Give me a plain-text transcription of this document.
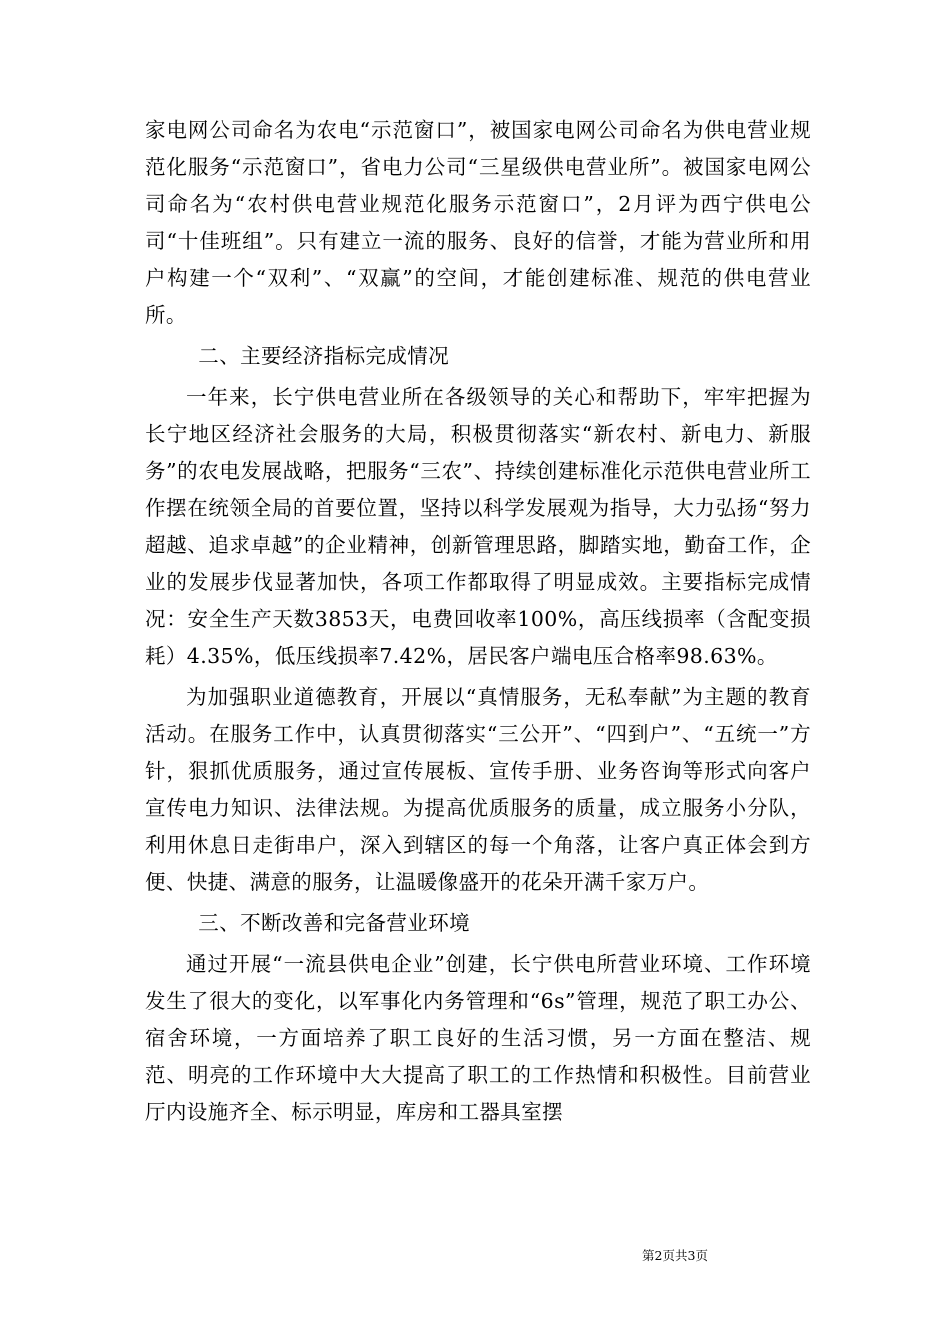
家电网公司命名为农电“示范窗口”，被国家电网公司命名为供电营业规范化服务“示范窗口”，省电力公司“三星级供电营业所”。被国家电网公司命名为“农村供电营业规范化服务示范窗口”，2月评为西宁供电公司“十佳班组”。只有建立一流的服务、良好的信誉，才能为营业所和用户构建一个“双利”、“双赢”的空间，才能创建标准、规范的供电营业所。

二、主要经济指标完成情况

一年来，长宁供电营业所在各级领导的关心和帮助下，牢牢把握为长宁地区经济社会服务的大局，积极贯彻落实“新农村、新电力、新服务”的农电发展战略，把服务“三农”、持续创建标准化示范供电营业所工作摆在统领全局的首要位置，坚持以科学发展观为指导，大力弘扬“努力超越、追求卓越”的企业精神，创新管理思路，脚踏实地，勤奋工作，企业的发展步伐显著加快，各项工作都取得了明显成效。主要指标完成情况：安全生产天数3853天，电费回收率100%，高压线损率（含配变损耗）4.35%，低压线损率7.42%，居民客户端电压合格率98.63%。

为加强职业道德教育，开展以“真情服务，无私奉献”为主题的教育活动。在服务工作中，认真贯彻落实“三公开”、“四到户”、“五统一”方针，狠抓优质服务，通过宣传展板、宣传手册、业务咨询等形式向客户宣传电力知识、法律法规。为提高优质服务的质量，成立服务小分队，利用休息日走街串户，深入到辖区的每一个角落，让客户真正体会到方便、快捷、满意的服务，让温暖像盛开的花朵开满千家万户。

三、不断改善和完备营业环境

通过开展“一流县供电企业”创建，长宁供电所营业环境、工作环境发生了很大的变化，以军事化内务管理和“6s”管理，规范了职工办公、宿舍环境，一方面培养了职工良好的生活习惯，另一方面在整洁、规范、明亮的工作环境中大大提高了职工的工作热情和积极性。目前营业厅内设施齐全、标示明显，库房和工器具室摆

第2页共3页
